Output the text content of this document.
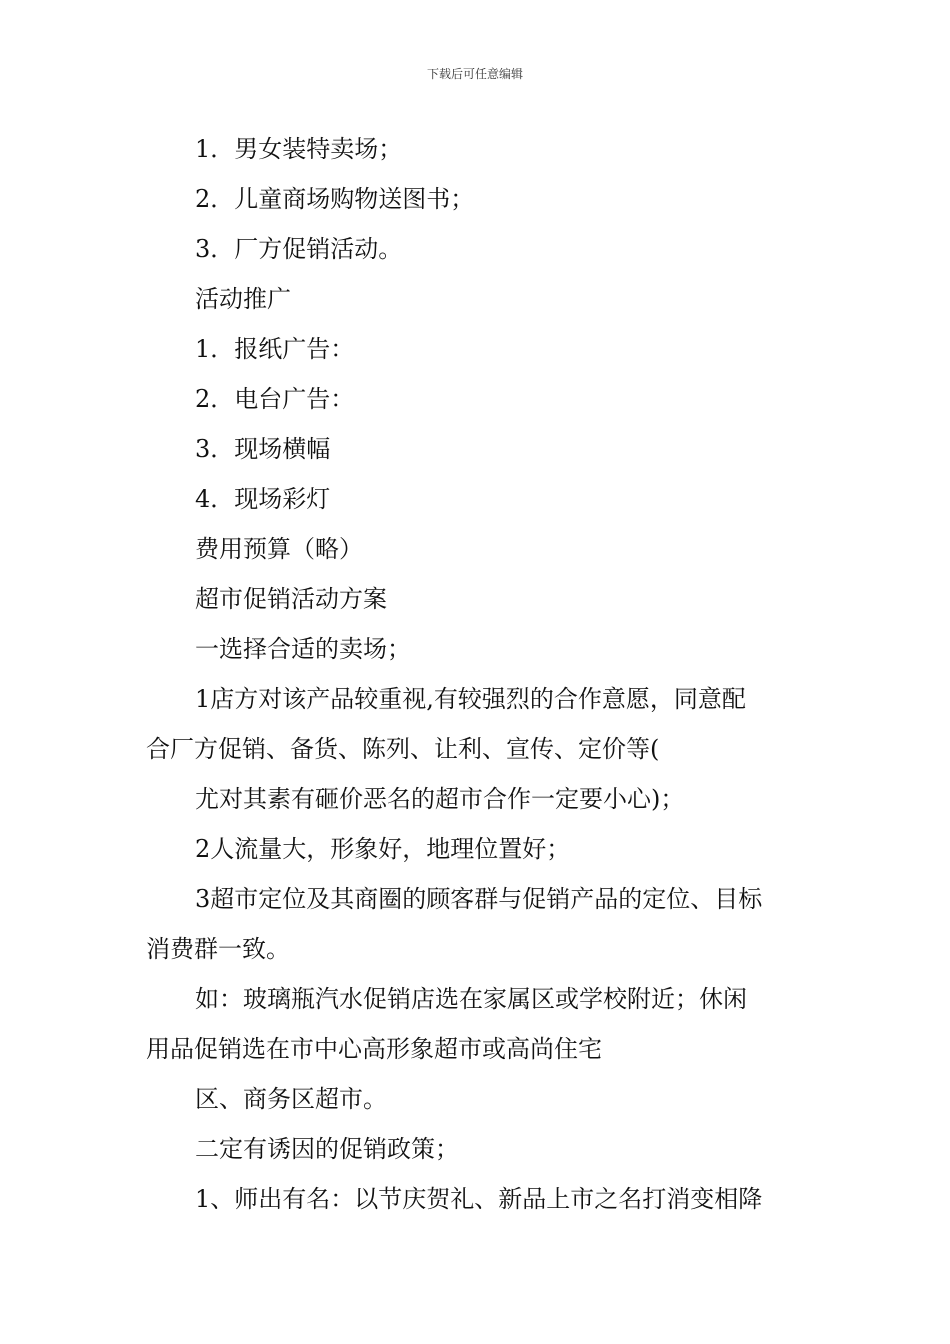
下载后可任意编辑
1．男女装特卖场；
2．儿童商场购物送图书；
3．厂方促销活动。
活动推广
1．报纸广告：
2．电台广告：
3．现场横幅
4．现场彩灯
费用预算（略）
超市促销活动方案
一选择合适的卖场；
1店方对该产品较重视,有较强烈的合作意愿，同意配
合厂方促销、备货、陈列、让利、宣传、定价等(
尤对其素有砸价恶名的超市合作一定要小心)；
2人流量大，形象好，地理位置好；
3超市定位及其商圈的顾客群与促销产品的定位、目标
消费群一致。
如：玻璃瓶汽水促销店选在家属区或学校附近；休闲
用品促销选在市中心高形象超市或高尚住宅
区、商务区超市。
二定有诱因的促销政策；
1、师出有名：以节庆贺礼、新品上市之名打消变相降
